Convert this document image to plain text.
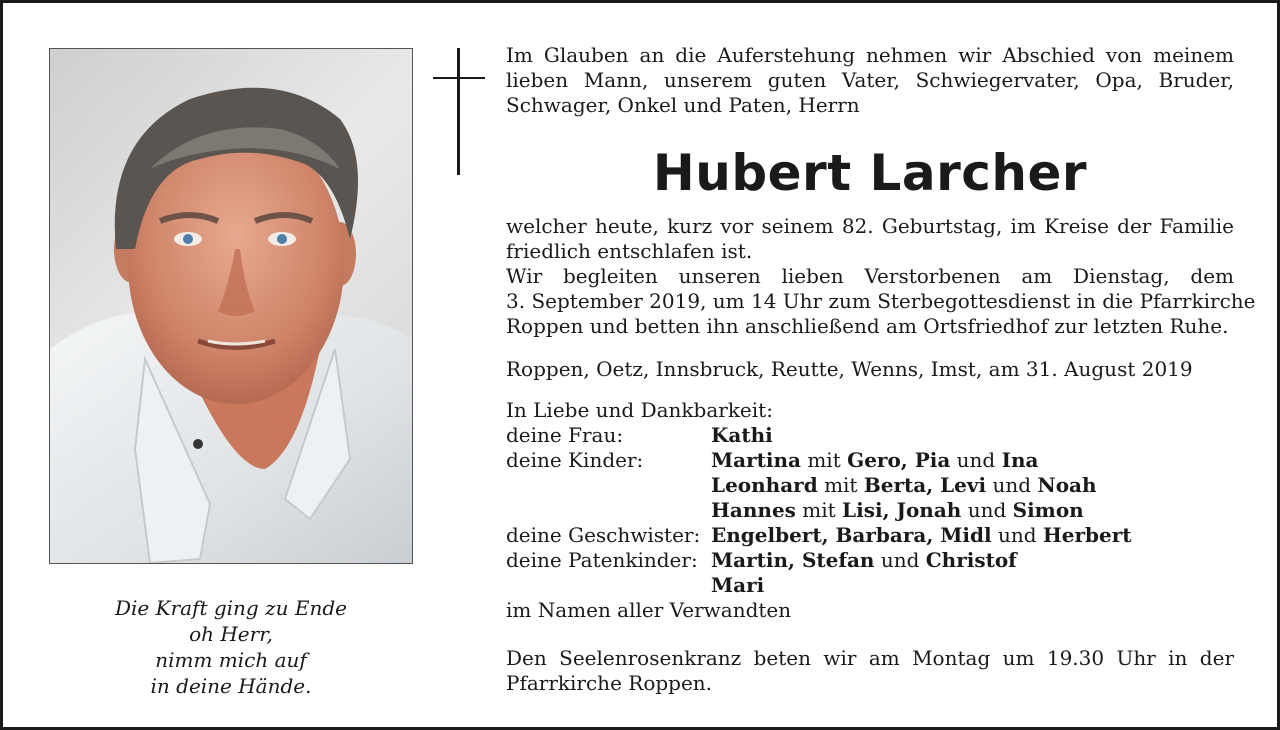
Die Kraft ging zu Ende
oh Herr,
nimm mich auf
in deine Hände.
Im Glauben an die Auferstehung nehmen wir Abschied von meinem
lieben Mann, unserem guten Vater, Schwiegervater, Opa, Bruder,
Schwager, Onkel und Paten, Herrn
Hubert Larcher
welcher heute, kurz vor seinem 82. Geburtstag, im Kreise der Familie
friedlich entschlafen ist.
Wir begleiten unseren lieben Verstorbenen am Dienstag, dem
3. September 2019, um 14 Uhr zum Sterbegottesdienst in die Pfarrkirche
Roppen und betten ihn anschließend am Ortsfriedhof zur letzten Ruhe.
Roppen, Oetz, Innsbruck, Reutte, Wenns, Imst, am 31. August 2019
In Liebe und Dankbarkeit:
deine Frau:	Kathi
deine Kinder:	Martina mit Gero, Pia und Ina
Leonhard mit Berta, Levi und Noah
Hannes mit Lisi, Jonah und Simon
deine Geschwister: Engelbert, Barbara, Midl und Herbert
deine Patenkinder: Martin, Stefan und Christof
Mari
im Namen aller Verwandten
Den Seelenrosenkranz beten wir am Montag um 19.30 Uhr in der
Pfarrkirche Roppen.
